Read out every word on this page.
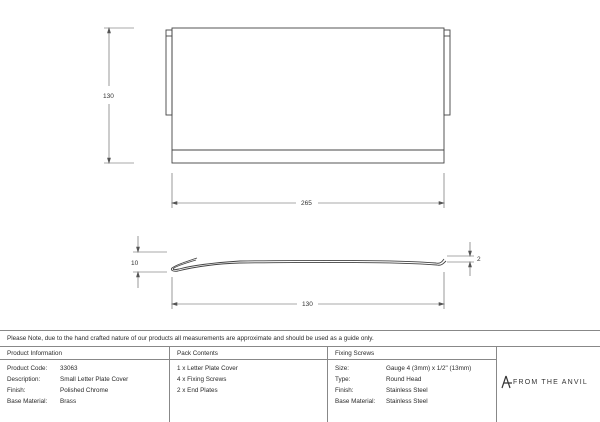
130
265
10
2
130
Please Note, due to the hand crafted nature of our products all measurements are approximate and should be used as a guide only.
Product Information
Product Code: 33063
Description:	Small Letter Plate Cover
Finish:	Polished Chrome
Base Material: Brass
Pack Contents
1 x Letter Plate Cover
4 x Fixing Screws
2 x End Plates
Fixing Screws
Size:	Gauge 4 (3mm) x 1/2" (13mm)
Type:	Round Head
Finish:	Stainless Steel
Base Material: Stainless Steel
FROM THE ANVIL
